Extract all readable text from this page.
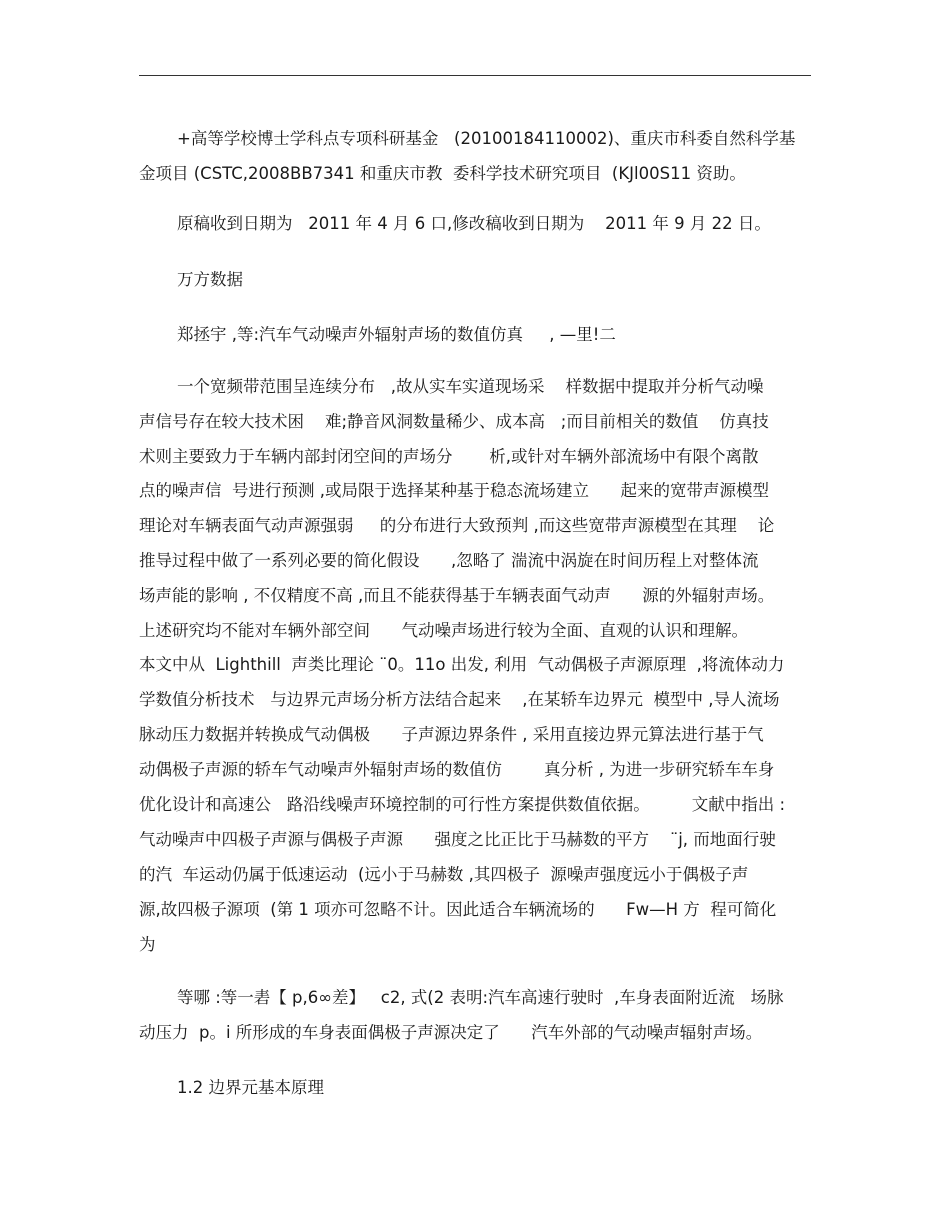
+高等学校博士学科点专项科研基金   (20100184110002)、重庆市科委自然科学基
金项目 (CSTC,2008BB7341 和重庆市教  委科学技术研究项目  (KJl00S11 资助。
原稿收到日期为   2011 年 4 月 6 口,修改稿收到日期为    2011 年 9 月 22 日。
万方数据
郑拯宇 ,等:汽车气动噪声外辐射声场的数值仿真     , —里!二
一个宽频带范围呈连续分布   ,故从实车实道现场采    样数据中提取并分析气动噪
声信号存在较大技术困    难;静音风洞数量稀少、成本高   ;而目前相关的数值    仿真技
术则主要致力于车辆内部封闭空间的声场分       析,或针对车辆外部流场中有限个离散
点的噪声信  号进行预测 ,或局限于选择某种基于稳态流场建立      起来的宽带声源模型
理论对车辆表面气动声源强弱     的分布进行大致预判 ,而这些宽带声源模型在其理    论
推导过程中做了一系列必要的简化假设      ,忽略了 湍流中涡旋在时间历程上对整体流
场声能的影响 , 不仅精度不高 ,而且不能获得基于车辆表面气动声      源的外辐射声场。
上述研究均不能对车辆外部空间      气动噪声场进行较为全面、直观的认识和理解。
本文中从  Lighthill  声类比理论 ¨0。11o 出发, 利用  气动偶极子声源原理  ,将流体动力
学数值分析技术   与边界元声场分析方法结合起来    ,在某轿车边界元  模型中 ,导人流场
脉动压力数据并转换成气动偶极      子声源边界条件 , 采用直接边界元算法进行基于气
动偶极子声源的轿车气动噪声外辐射声场的数值仿        真分析 , 为进一步研究轿车车身
优化设计和高速公   路沿线噪声环境控制的可行性方案提供数值依据。        文献中指出 :
气动噪声中四极子声源与偶极子声源      强度之比正比于马赫数的平方    ¨j, 而地面行驶
的汽  车运动仍属于低速运动  (远小于马赫数 ,其四极子  源噪声强度远小于偶极子声
源,故四极子源项  (第 1 项亦可忽略不计。因此适合车辆流场的      Fw—H 方  程可简化
为
等哪 :等一砉【 p,6∞差】   c2, 式(2 表明:汽车高速行驶时  ,车身表面附近流   场脉
动压力  p。i 所形成的车身表面偶极子声源决定了      汽车外部的气动噪声辐射声场。
1.2 边界元基本原理
